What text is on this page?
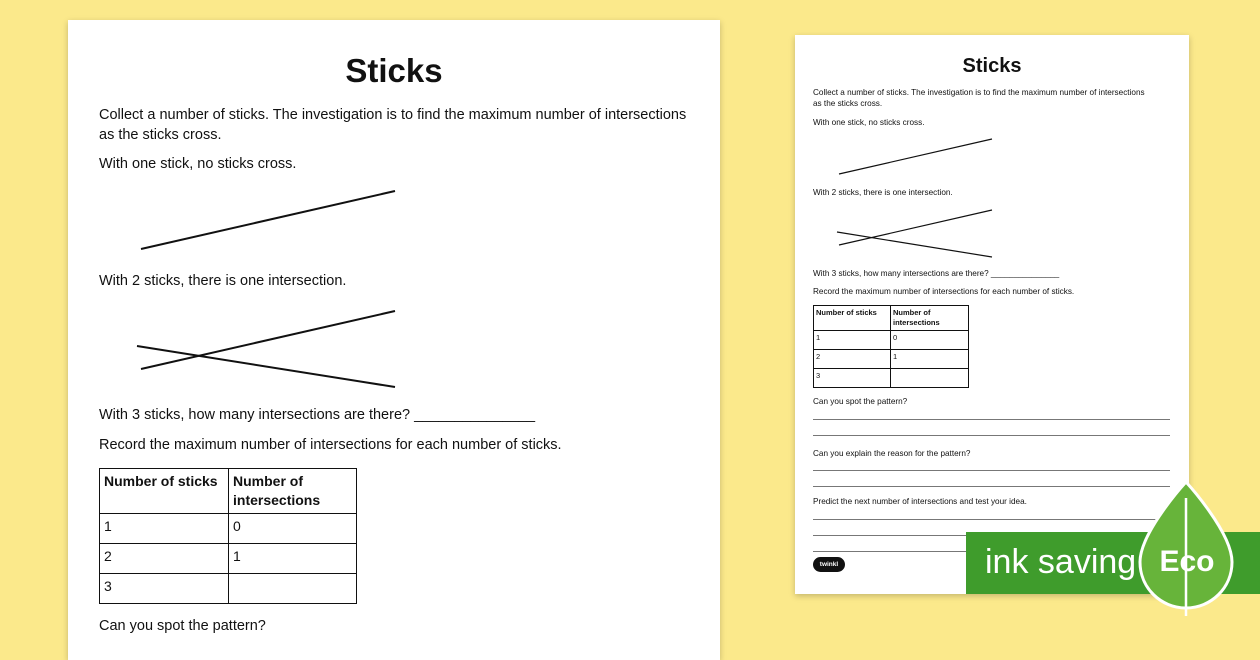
Sticks
Collect a number of sticks. The investigation is to find the maximum number of intersections
as the sticks cross.
With one stick, no sticks cross.
With 2 sticks, there is one intersection.
With 3 sticks, how many intersections are there? _______________
Record the maximum number of intersections for each number of sticks.
Number of sticks	Number of intersections
1	0
2	1
3	
Can you spot the pattern?
Sticks
Collect a number of sticks. The investigation is to find the maximum number of intersections
as the sticks cross.
With one stick, no sticks cross.
With 2 sticks, there is one intersection.
With 3 sticks, how many intersections are there? _______________
Record the maximum number of intersections for each number of sticks.
Number of sticks	Number of intersections
1	0
2	1
3	
Can you spot the pattern?
Can you explain the reason for the pattern?
Predict the next number of intersections and test your idea.
twinkl	ink saving Eco
